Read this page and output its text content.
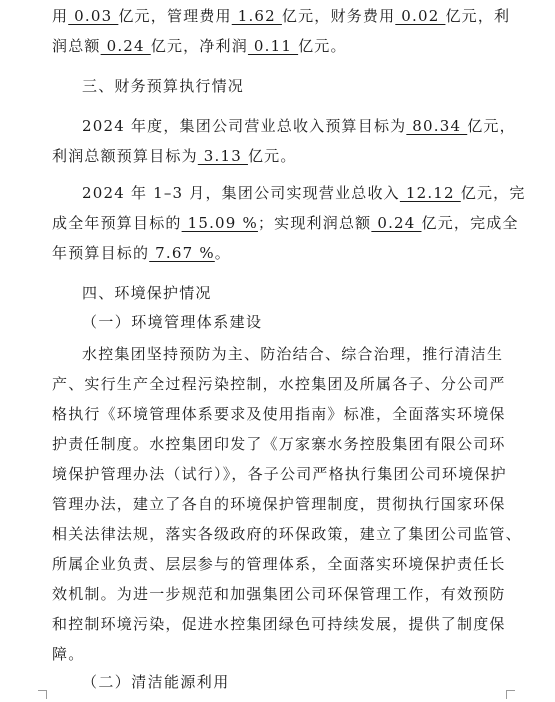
用 0.03 亿元，管理费用 1.62 亿元，财务费用 0.02 亿元，利
润总额 0.24 亿元，净利润 0.11 亿元。
三、财务预算执行情况
2024 年度，集团公司营业总收入预算目标为 80.34 亿元，
利润总额预算目标为 3.13 亿元。
2024 年 1–3 月，集团公司实现营业总收入 12.12 亿元，完
成全年预算目标的 15.09 %；实现利润总额 0.24 亿元，完成全
年预算目标的 7.67 %。
四、环境保护情况
（一）环境管理体系建设
水控集团坚持预防为主、防治结合、综合治理，推行清洁生
产、实行生产全过程污染控制，水控集团及所属各子、分公司严
格执行《环境管理体系要求及使用指南》标准，全面落实环境保
护责任制度。水控集团印发了《万家寨水务控股集团有限公司环
境保护管理办法（试行）》，各子公司严格执行集团公司环境保护
管理办法，建立了各自的环境保护管理制度，贯彻执行国家环保
相关法律法规，落实各级政府的环保政策，建立了集团公司监管、
所属企业负责、层层参与的管理体系，全面落实环境保护责任长
效机制。为进一步规范和加强集团公司环保管理工作，有效预防
和控制环境污染，促进水控集团绿色可持续发展，提供了制度保
障。
（二）清洁能源利用
